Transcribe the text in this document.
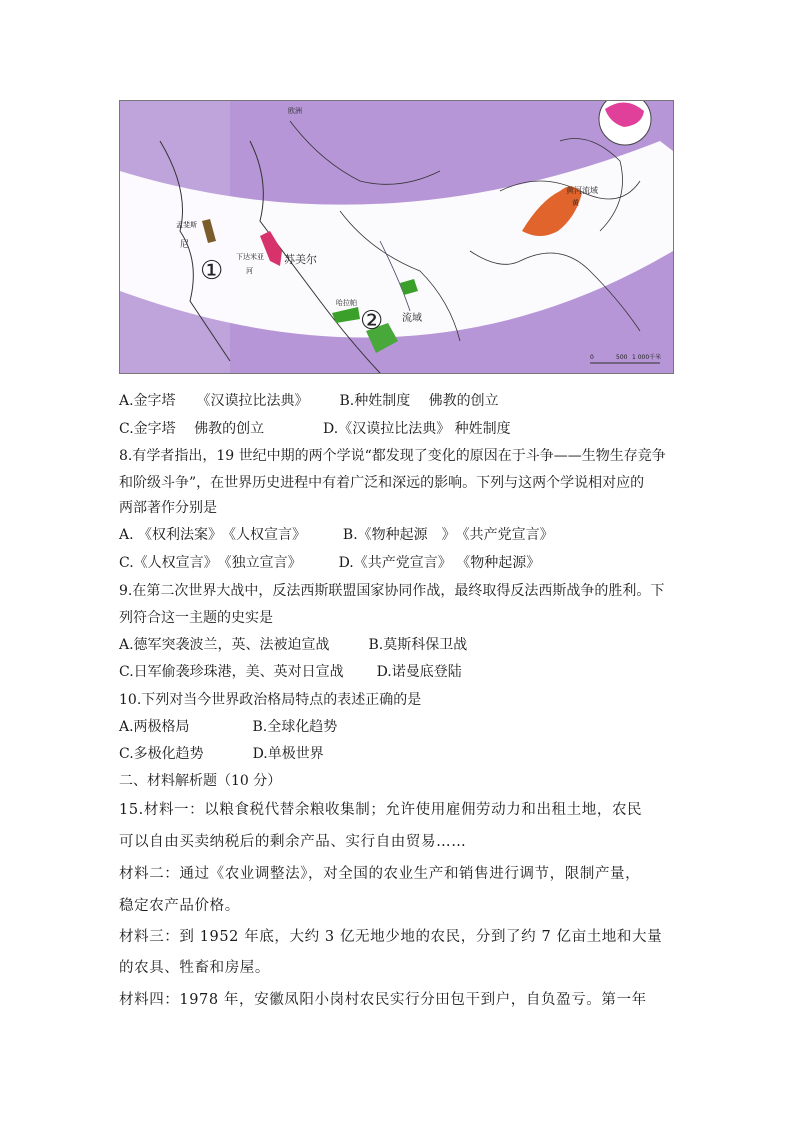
0	500 1 000千米
欧洲
孟斐斯
尼
下达米亚 苏美尔
河
哈拉帕
流域
黄河流域
黄
①
②
A.金字塔　　《汉谟拉比法典》 B.种姓制度　 佛教的创立
C.金字塔　 佛教的创立	D.《汉谟拉比法典》 种姓制度
8.有学者指出，19 世纪中期的两个学说“都发现了变化的原因在于斗争——生物生存竞争
和阶级斗争”，在世界历史进程中有着广泛和深远的影响。下列与这两个学说相对应的
两部著作分别是
A. 《权利法案》　《人权宣言》	B.《物种起源　》　《共产党宣言》
C.《人权宣言》　《独立宣言》	D.《共产党宣言》 《物种起源》
9.在第二次世界大战中，反法西斯联盟国家协同作战，最终取得反法西斯战争的胜利。下
列符合这一主题的史实是
A.德军突袭波兰，英、法被迫宣战	B.莫斯科保卫战
C.日军偷袭珍珠港，美、英对日宣战 D.诺曼底登陆
10.下列对当今世界政治格局特点的表述正确的是
A.两极格局	B.全球化趋势
C.多极化趋势	D.单极世界
二、材料解析题（10 分）
15.材料一：以粮食税代替余粮收集制；允许使用雇佣劳动力和出租土地，农民
可以自由买卖纳税后的剩余产品、实行自由贸易……
材料二：通过《农业调整法》，对全国的农业生产和销售进行调节，限制产量，
稳定农产品价格。
材料三：到 1952 年底，大约 3 亿无地少地的农民，分到了约 7 亿亩土地和大量
的农具、牲畜和房屋。
材料四：1978 年，安徽凤阳小岗村农民实行分田包干到户，自负盈亏。第一年
